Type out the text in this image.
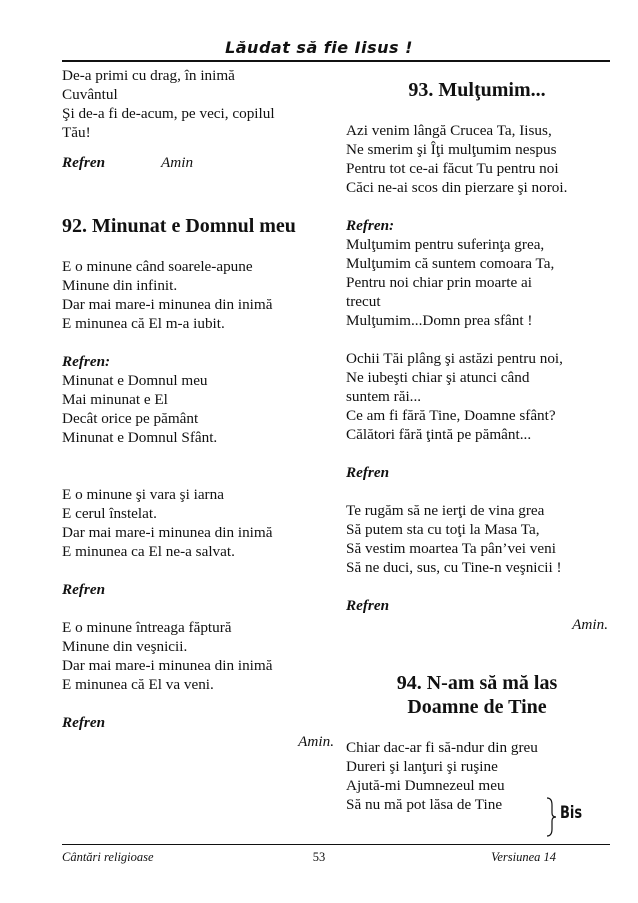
Lăudat să fie Iisus !
De-a primi cu drag, în inimă
Cuvântul
Şi de-a fi de-acum, pe veci, copilul
Tău!
Refren	Amin
92. Minunat e Domnul meu
E o minune când soarele-apune
Minune din infinit.
Dar mai mare-i minunea din inimă
E minunea că El m-a iubit.
Refren:
Minunat e Domnul meu
Mai minunat e El
Decât orice pe pământ
Minunat e Domnul Sfânt.
E o minune şi vara şi iarna
E cerul înstelat.
Dar mai mare-i minunea din inimă
E minunea ca El ne-a salvat.
Refren
E o minune întreaga făptură
Minune din veşnicii.
Dar mai mare-i minunea din inimă
E minunea că El va veni.
Refren
Amin.
93. Mulţumim...
Azi venim lângă Crucea Ta, Iisus,
Ne smerim şi Îţi mulţumim nespus
Pentru tot ce-ai făcut Tu pentru noi
Căci ne-ai scos din pierzare şi noroi.
Refren:
Mulţumim pentru suferinţa grea,
Mulţumim că suntem comoara Ta,
Pentru noi chiar prin moarte ai
trecut
Mulţumim...Domn prea sfânt !
Ochii Tăi plâng şi astăzi pentru noi,
Ne iubeşti chiar şi atunci când
suntem răi...
Ce am fi fără Tine, Doamne sfânt?
Călători fără ţintă pe pământ...
Refren
Te rugăm să ne ierţi de vina grea
Să putem sta cu toţi la Masa Ta,
Să vestim moartea Ta pân’vei veni
Să ne duci, sus, cu Tine-n veşnicii !
Refren
Amin.
94. N-am să mă las
Doamne de Tine
Chiar dac-ar fi să-ndur din greu
Dureri şi lanţuri şi ruşine
Ajută-mi Dumnezeul meu
Să nu mă pot lăsa de Tine	Bis
Cântări religioase	53	Versiunea 14
